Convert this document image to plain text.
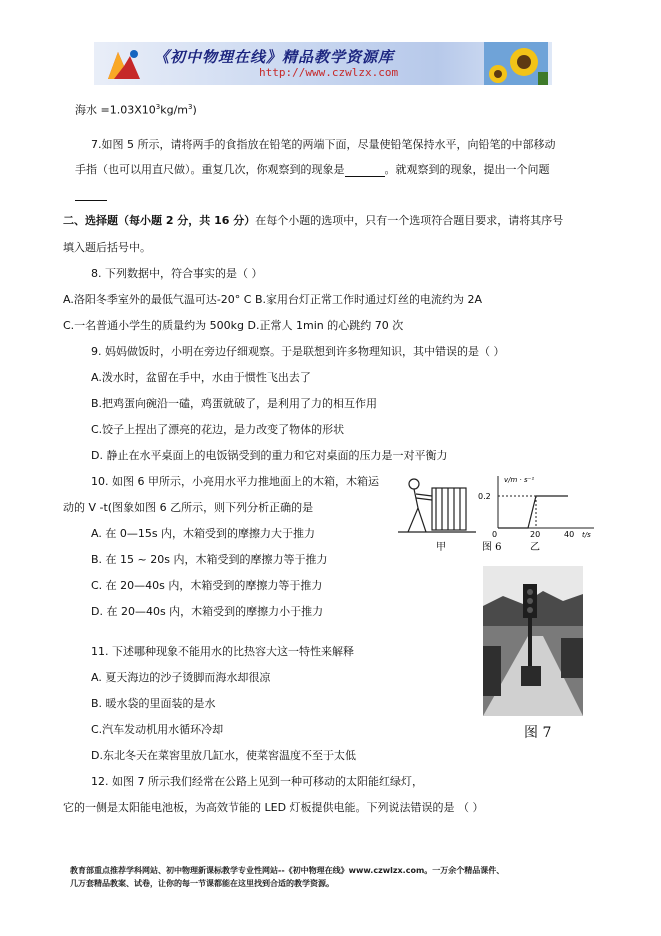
《初中物理在线》精品教学资源库
http://www.czwlzx.com
海水 $=1.03X10^3kg/m^3$)
7.如图 5 所示，请将两手的食指放在铅笔的两端下面，尽量使铅笔保持水平，向铅笔的中部移动
手指（也可以用直尺做）。重复几次，你观察到的现象是	。就观察到的现象，提出一个问题
二、选择题（每小题 2 分，共 16 分）在每个小题的选项中，只有一个选项符合题目要求，请将其序号
填入题后括号中。
8. 下列数据中，符合事实的是（ ）
A.洛阳冬季室外的最低气温可达-20° C B.家用台灯正常工作时通过灯丝的电流约为 2A
C.一名普通小学生的质量约为 500kg D.正常人 1min 的心跳约 70 次
9. 妈妈做饭时，小明在旁边仔细观察。于是联想到许多物理知识，其中错误的是（ ）
A.泼水时，盆留在手中，水由于惯性飞出去了
B.把鸡蛋向碗沿一磕，鸡蛋就破了，是利用了力的相互作用
C.饺子上捏出了漂亮的花边，是力改变了物体的形状
D. 静止在水平桌面上的电饭锅受到的重力和它对桌面的压力是一对平衡力
10. 如图 6 甲所示，小亮用水平力推地面上的木箱，木箱运
动的 V -t(图象如图 6 乙所示，则下列分析正确的是
A. 在 0—15s 内，木箱受到的摩擦力大于推力
B. 在 15 ~ 20s 内，木箱受到的摩擦力等于推力
C. 在 20—40s 内，木箱受到的摩擦力等于推力
D. 在 20—40s 内，木箱受到的摩擦力小于推力
11. 下述哪种现象不能用水的比热容大这一特性来解释
A. 夏天海边的沙子烫脚而海水却很凉
B. 暖水袋的里面装的是水
C.汽车发动机用水循环冷却
D.东北冬天在菜窖里放几缸水，使菜窖温度不至于太低
12. 如图 7 所示我们经常在公路上见到一种可移动的太阳能红绿灯，
它的一侧是太阳能电池板，为高效节能的 LED 灯板提供电能。下列说法错误的是 （ ）
甲
v/m · s⁻¹
0.2
0	20	40 t/s
图 6	乙
图 7
教育部重点推荐学科网站、初中物理新课标教学专业性网站--《初中物理在线》www.czwlzx.com。一万余个精品课件、
几万套精品教案、试卷，让你的每一节课都能在这里找到合适的教学资源。
